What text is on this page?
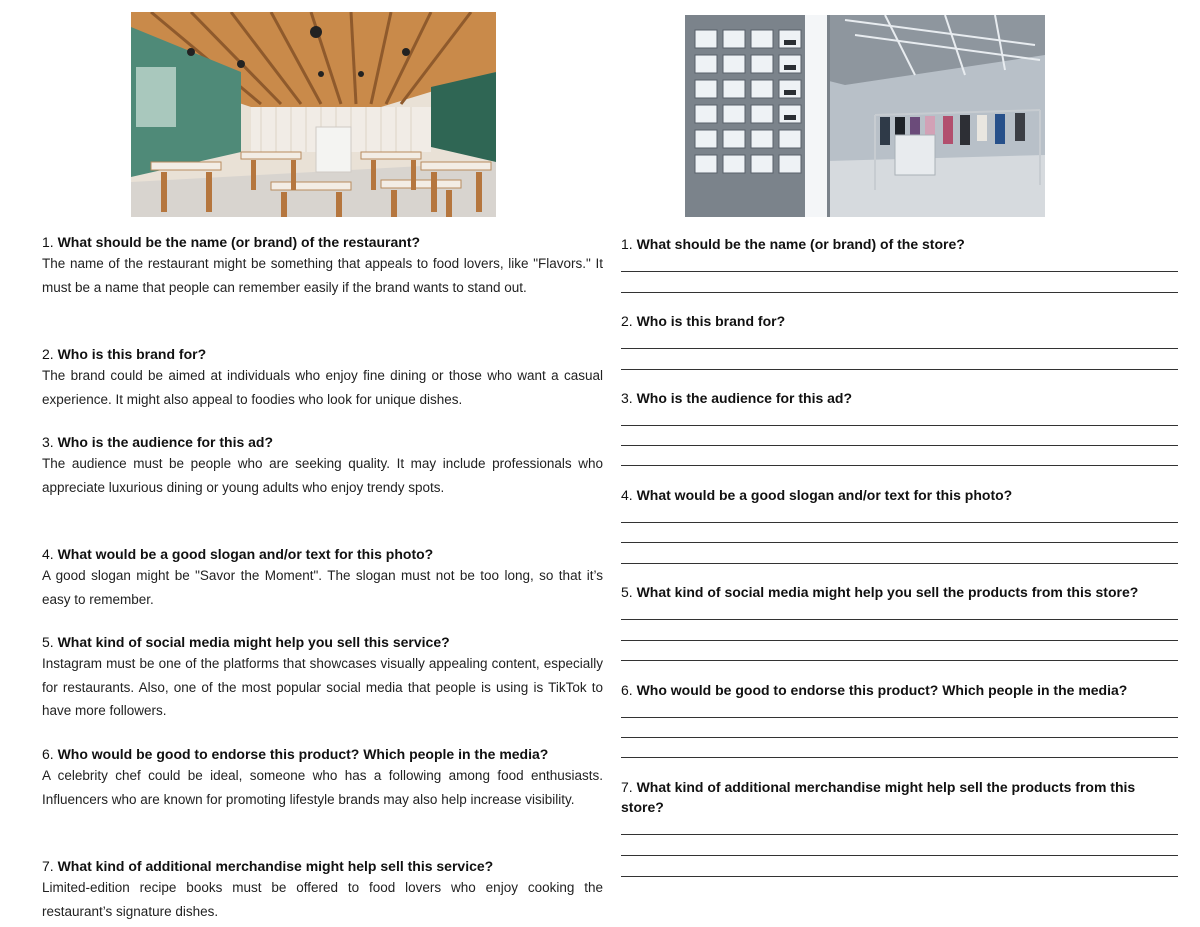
1. What should be the name (or brand) of the restaurant?
The name of the restaurant might be something that appeals to food lovers, like "Flavors." It must be a name that people can remember easily if the brand wants to stand out.
2. Who is this brand for?
The brand could be aimed at individuals who enjoy fine dining or those who want a casual experience. It might also appeal to foodies who look for unique dishes.
3. Who is the audience for this ad?
The audience must be people who are seeking quality. It may include professionals who appreciate luxurious dining or young adults who enjoy trendy spots.
4. What would be a good slogan and/or text for this photo?
A good slogan might be "Savor the Moment". The slogan must not be too long, so that it’s easy to remember.
5. What kind of social media might help you sell this service?
Instagram must be one of the platforms that showcases visually appealing content, especially for restaurants. Also, one of the most popular social media that people is using is TikTok to have more followers.
6. Who would be good to endorse this product? Which people in the media?
A celebrity chef could be ideal, someone who has a following among food enthusiasts. Influencers who are known for promoting lifestyle brands may also help increase visibility.
7. What kind of additional merchandise might help sell this service?
Limited-edition recipe books must be offered to food lovers who enjoy cooking the restaurant’s signature dishes.
1. What should be the name (or brand) of the store?
2. Who is this brand for?
3. Who is the audience for this ad?
4. What would be a good slogan and/or text for this photo?
5. What kind of social media might help you sell the products from this store?
6. Who would be good to endorse this product? Which people in the media?
7. What kind of additional merchandise might help sell the products from this store?
